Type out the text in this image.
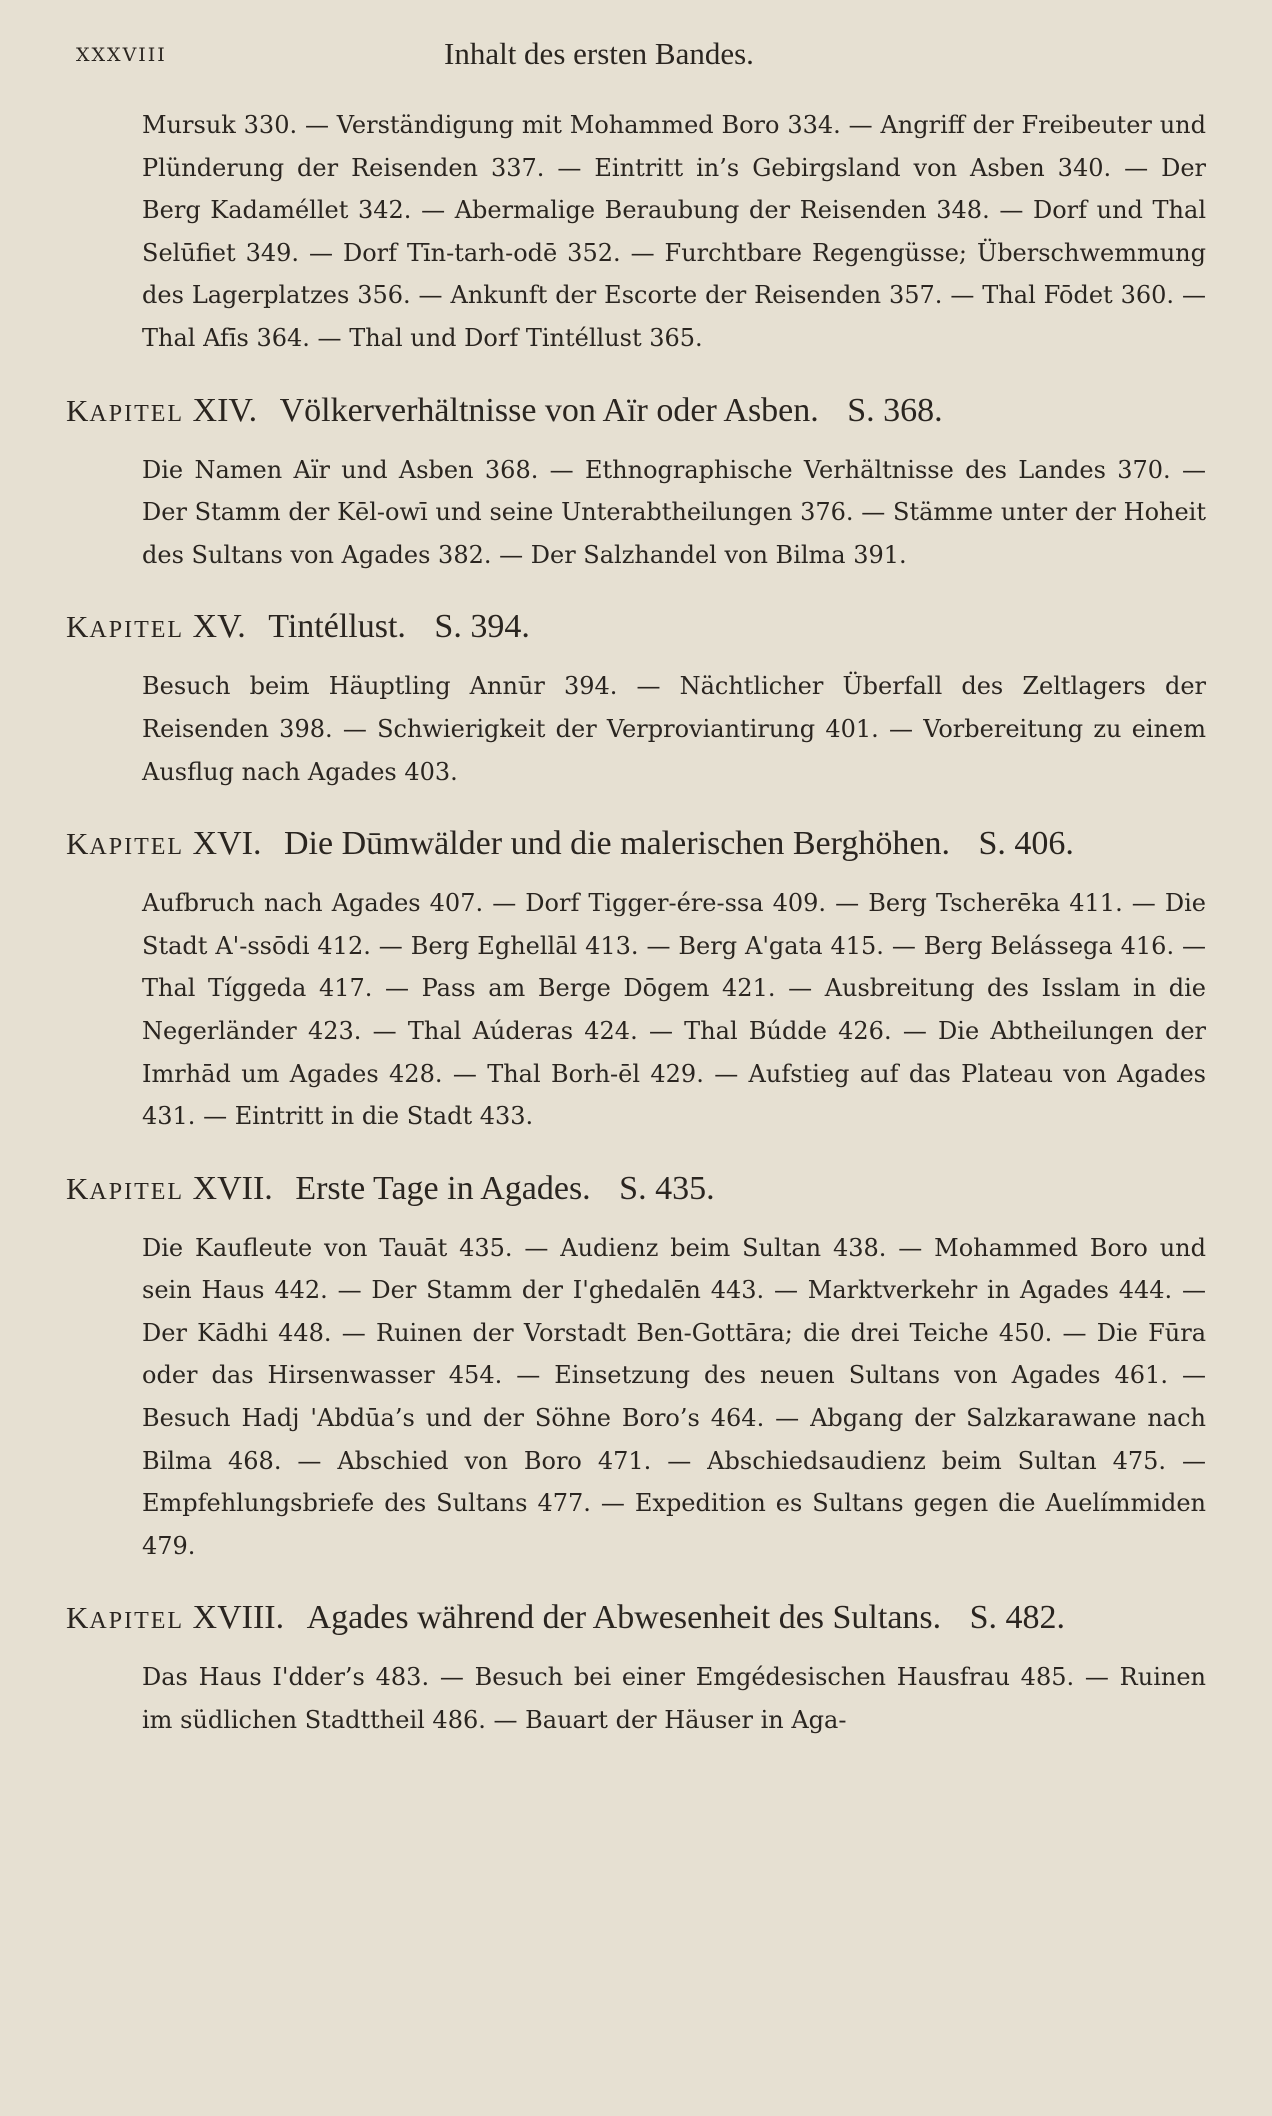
XXXVIII	Inhalt des ersten Bandes.

Mursuk 330. — Verständigung mit Mohammed Boro 334. — Angriff der Freibeuter und Plünderung der Reisenden 337. — Eintritt in’s Gebirgsland von Asben 340. — Der Berg Kadaméllet 342. — Abermalige Beraubung der Reisenden 348. — Dorf und Thal Selūfiet 349. — Dorf Tīn-tarh-odē 352. — Furchtbare Regengüsse; Überschwemmung des Lagerplatzes 356. — Ankunft der Escorte der Reisenden 357. — Thal Fōdet 360. — Thal Afīs 364. — Thal und Dorf Tintéllust 365.

KAPITEL XIV. Völkerverhältnisse von Aïr oder Asben. S. 368.

Die Namen Aïr und Asben 368. — Ethnographische Verhältnisse des Landes 370. — Der Stamm der Kēl-owī und seine Unterabtheilungen 376. — Stämme unter der Hoheit des Sultans von Agades 382. — Der Salzhandel von Bilma 391.

KAPITEL XV. Tintéllust. S. 394.

Besuch beim Häuptling Annūr 394. — Nächtlicher Überfall des Zeltlagers der Reisenden 398. — Schwierigkeit der Verproviantirung 401. — Vorbereitung zu einem Ausflug nach Agades 403.

KAPITEL XVI. Die Dūmwälder und die malerischen Berghöhen. S. 406.

Aufbruch nach Agades 407. — Dorf Tigger-ére-ssa 409. — Berg Tscherēka 411. — Die Stadt A'-ssōdi 412. — Berg Eghellāl 413. — Berg A'gata 415. — Berg Belássega 416. — Thal Tíggeda 417. — Pass am Berge Dōgem 421. — Ausbreitung des Isslam in die Negerländer 423. — Thal Aúderas 424. — Thal Búdde 426. — Die Abtheilungen der Imrhād um Agades 428. — Thal Borh-ēl 429. — Aufstieg auf das Plateau von Agades 431. — Eintritt in die Stadt 433.

KAPITEL XVII. Erste Tage in Agades. S. 435.

Die Kaufleute von Tauāt 435. — Audienz beim Sultan 438. — Mohammed Boro und sein Haus 442. — Der Stamm der I'ghedalēn 443. — Marktverkehr in Agades 444. — Der Kādhi 448. — Ruinen der Vorstadt Ben-Gottāra; die drei Teiche 450. — Die Fūra oder das Hirsenwasser 454. — Einsetzung des neuen Sultans von Agades 461. — Besuch Hadj 'Abdūa’s und der Söhne Boro’s 464. — Abgang der Salzkarawane nach Bilma 468. — Abschied von Boro 471. — Abschiedsaudienz beim Sultan 475. — Empfehlungsbriefe des Sultans 477. — Expedition es Sultans gegen die Auelímmiden 479.

KAPITEL XVIII. Agades während der Abwesenheit des Sultans. S. 482.

Das Haus I'dder’s 483. — Besuch bei einer Emgédesischen Hausfrau 485. — Ruinen im südlichen Stadttheil 486. — Bauart der Häuser in Aga-
